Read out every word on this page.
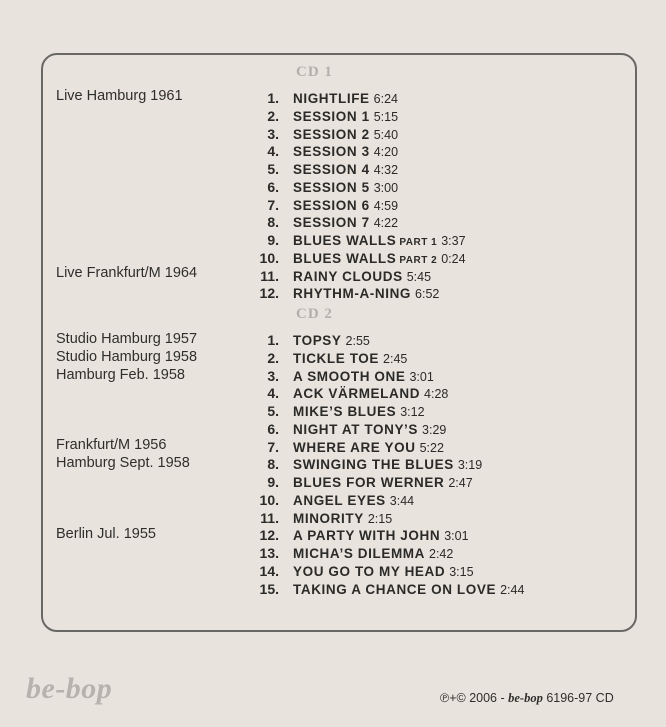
CD 1
Live Hamburg 1961
Live Frankfurt/M 1964
1. NIGHTLIFE 6:24
2. SESSION 1 5:15
3. SESSION 2 5:40
4. SESSION 3 4:20
5. SESSION 4 4:32
6. SESSION 5 3:00
7. SESSION 6 4:59
8. SESSION 7 4:22
9. BLUES WALLS PART 1 3:37
10. BLUES WALLS PART 2 0:24
11. RAINY CLOUDS 5:45
12. RHYTHM-A-NING 6:52
CD 2
Studio Hamburg 1957
Studio Hamburg 1958
Hamburg Feb. 1958
Frankfurt/M 1956
Hamburg Sept. 1958
Berlin Jul. 1955
1. TOPSY 2:55
2. TICKLE TOE 2:45
3. A SMOOTH ONE 3:01
4. ACK VÄRMELAND 4:28
5. MIKE’S BLUES 3:12
6. NIGHT AT TONY’S 3:29
7. WHERE ARE YOU 5:22
8. SWINGING THE BLUES 3:19
9. BLUES FOR WERNER 2:47
10. ANGEL EYES 3:44
11. MINORITY 2:15
12. A PARTY WITH JOHN 3:01
13. MICHA’S DILEMMA 2:42
14. YOU GO TO MY HEAD 3:15
15. TAKING A CHANCE ON LOVE 2:44
be-bop	℗+© 2006 - be-bop 6196-97 CD
